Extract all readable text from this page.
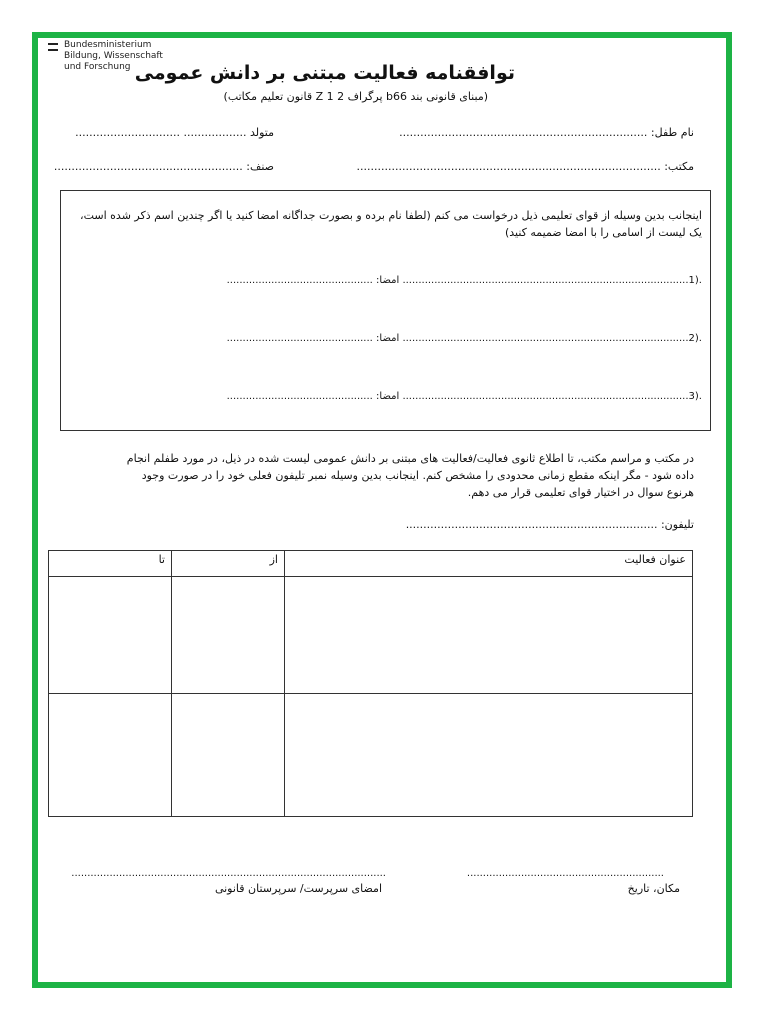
Bundesministerium
Bildung, Wissenschaft
und Forschung توافقنامه فعالیت مبتنی بر دانش عمومی
(مبنای قانونی بند b66 پرگراف 2 Z 1 قانون تعلیم مکاتب)
نام طفل: .......................................................................
متولد .................. ..............................
مکتب: .......................................................................................
صنف: ......................................................
اینجانب بدین وسیله از قوای تعلیمی ذیل درخواست می کنم (لطفا نام برده و بصورت جداگانه امضا کنید یا اگر چندین اسم ذکر شده است، یک لیست از اسامی را با امضا ضمیمه کنید)
.(1.......................................................................................... امضا: ..............................................
.(2.......................................................................................... امضا: ..............................................
.(3.......................................................................................... امضا: ..............................................
در مکتب و مراسم مکتب، تا اطلاع ثانوی فعالیت/فعالیت های مبتنی بر دانش عمومی لیست شده در ذیل، در مورد طفلم انجام داده شود - مگر اینکه مقطع زمانی محدودی را مشخص کنم. اینجانب بدین وسیله نمبر تلیفون فعلی خود را در صورت وجود هرنوع سوال در اختیار قوای تعلیمی قرار می دهم.
تلیفون: ........................................................................
تا	از	عنوان فعالیت

..............................................................
مکان، تاریخ
...................................................................................................
امضای سرپرست/ سرپرستان قانونی
